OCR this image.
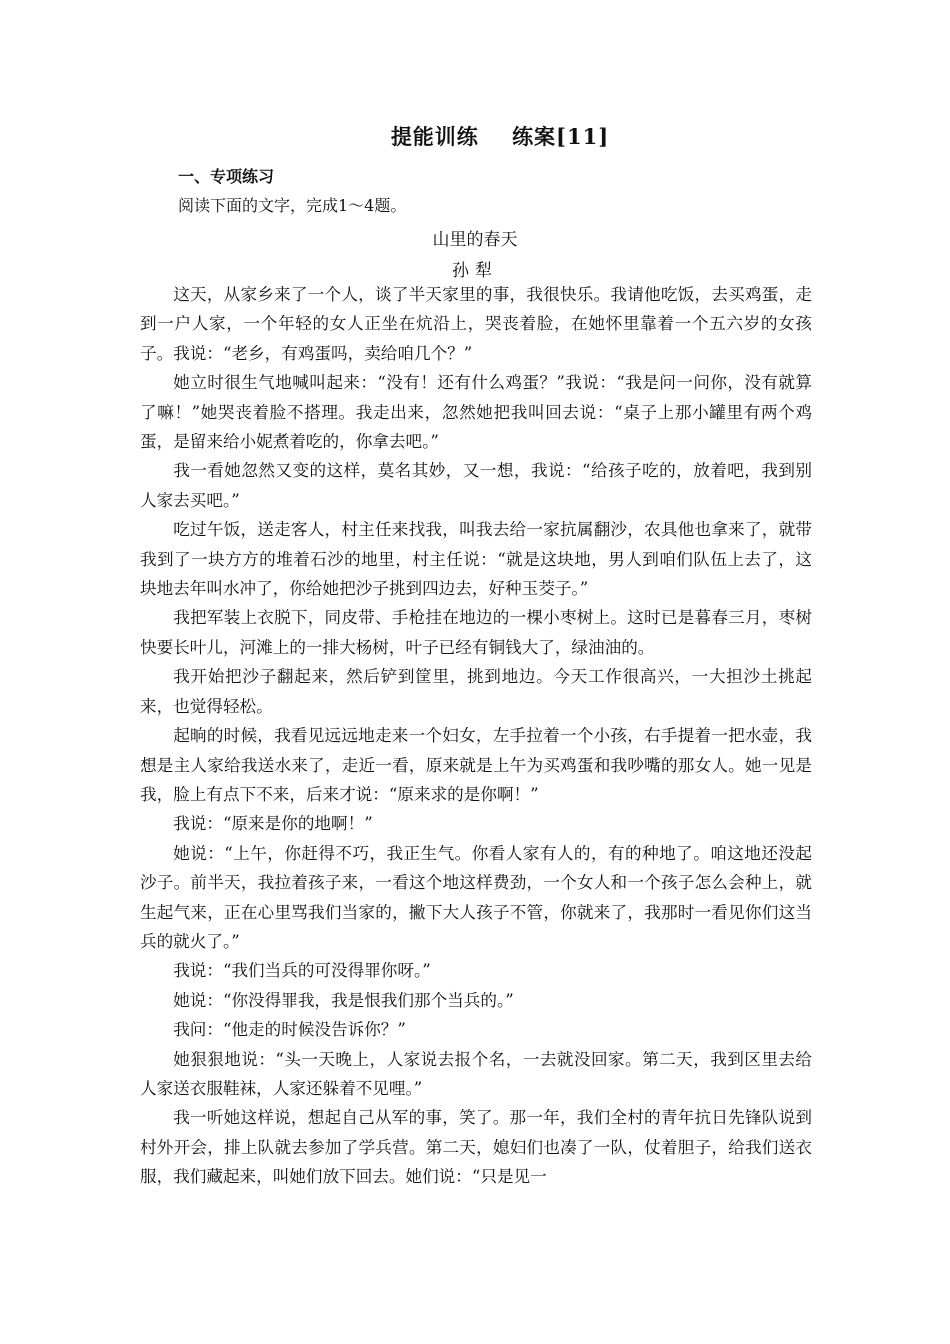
提能训练 练案[11]
一、专项练习
阅读下面的文字，完成1～4题。
山里的春天
孙犁

这天，从家乡来了一个人，谈了半天家里的事，我很快乐。我请他吃饭，去买鸡蛋，走到一户人家，一个年轻的女人正坐在炕沿上，哭丧着脸，在她怀里靠着一个五六岁的女孩子。我说：“老乡，有鸡蛋吗，卖给咱几个？”

她立时很生气地喊叫起来：“没有！还有什么鸡蛋？”我说：“我是问一问你，没有就算了嘛！”她哭丧着脸不搭理。我走出来，忽然她把我叫回去说：“桌子上那小罐里有两个鸡蛋，是留来给小妮煮着吃的，你拿去吧。”

我一看她忽然又变的这样，莫名其妙，又一想，我说：“给孩子吃的，放着吧，我到别人家去买吧。”

吃过午饭，送走客人，村主任来找我，叫我去给一家抗属翻沙，农具他也拿来了，就带我到了一块方方的堆着石沙的地里，村主任说：“就是这块地，男人到咱们队伍上去了，这块地去年叫水冲了，你给她把沙子挑到四边去，好种玉茭子。”

我把军装上衣脱下，同皮带、手枪挂在地边的一棵小枣树上。这时已是暮春三月，枣树快要长叶儿，河滩上的一排大杨树，叶子已经有铜钱大了，绿油油的。

我开始把沙子翻起来，然后铲到筐里，挑到地边。今天工作很高兴，一大担沙土挑起来，也觉得轻松。

起晌的时候，我看见远远地走来一个妇女，左手拉着一个小孩，右手提着一把水壶，我想是主人家给我送水来了，走近一看，原来就是上午为买鸡蛋和我吵嘴的那女人。她一见是我，脸上有点下不来，后来才说：“原来求的是你啊！”

我说：“原来是你的地啊！”

她说：“上午，你赶得不巧，我正生气。你看人家有人的，有的种地了。咱这地还没起沙子。前半天，我拉着孩子来，一看这个地这样费劲，一个女人和一个孩子怎么会种上，就生起气来，正在心里骂我们当家的，撇下大人孩子不管，你就来了，我那时一看见你们这当兵的就火了。”

我说：“我们当兵的可没得罪你呀。”

她说：“你没得罪我，我是恨我们那个当兵的。”

我问：“他走的时候没告诉你？”

她狠狠地说：“头一天晚上，人家说去报个名，一去就没回家。第二天，我到区里去给人家送衣服鞋袜，人家还躲着不见哩。”

我一听她这样说，想起自己从军的事，笑了。那一年，我们全村的青年抗日先锋队说到村外开会，排上队就去参加了学兵营。第二天，媳妇们也凑了一队，仗着胆子，给我们送衣服，我们藏起来，叫她们放下回去。她们说：“只是见一
